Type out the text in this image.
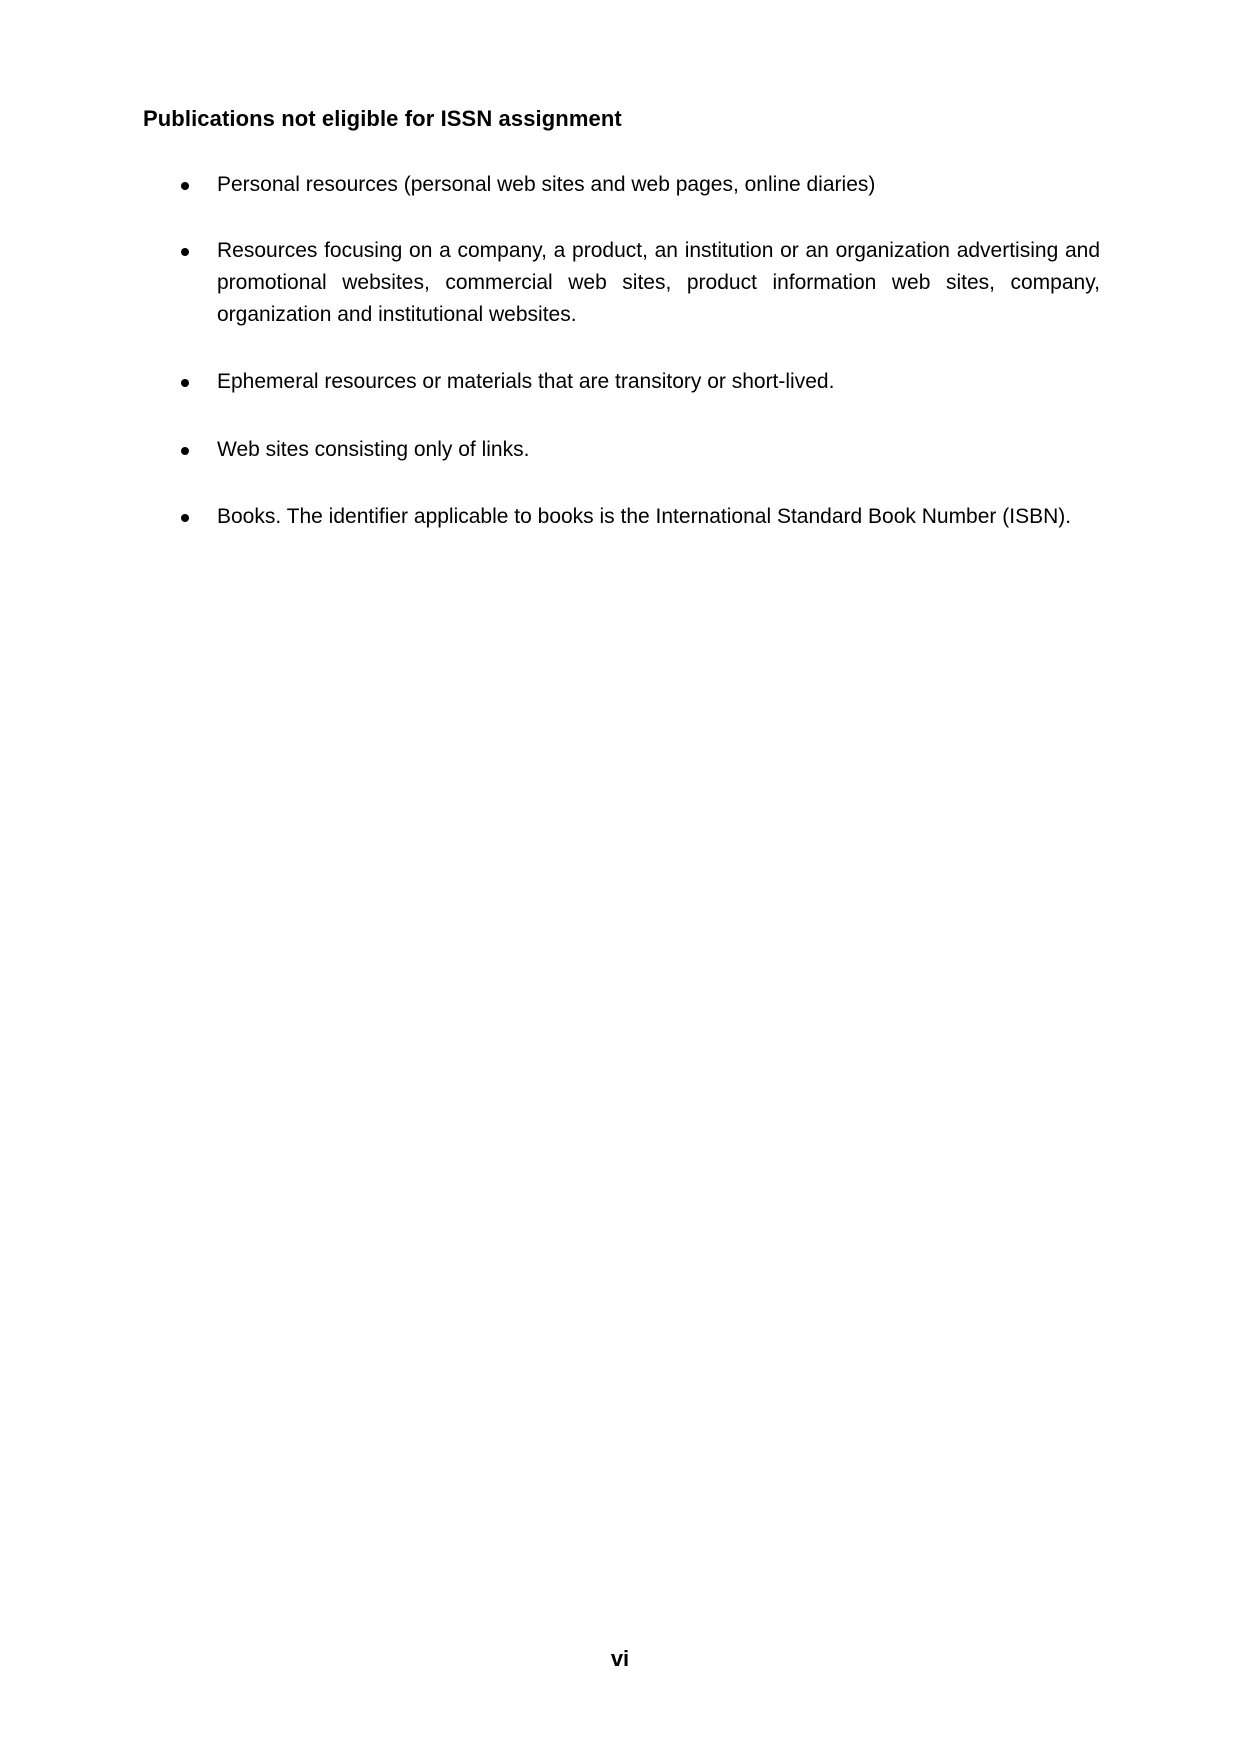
Publications not eligible for ISSN assignment
Personal resources (personal web sites and web pages, online diaries)
Resources focusing on a company, a product, an institution or an organization advertising and promotional websites, commercial web sites, product information web sites, company, organization and institutional websites.
Ephemeral resources or materials that are transitory or short-lived.
Web sites consisting only of links.
Books. The identifier applicable to books is the International Standard Book Number (ISBN).

vi
